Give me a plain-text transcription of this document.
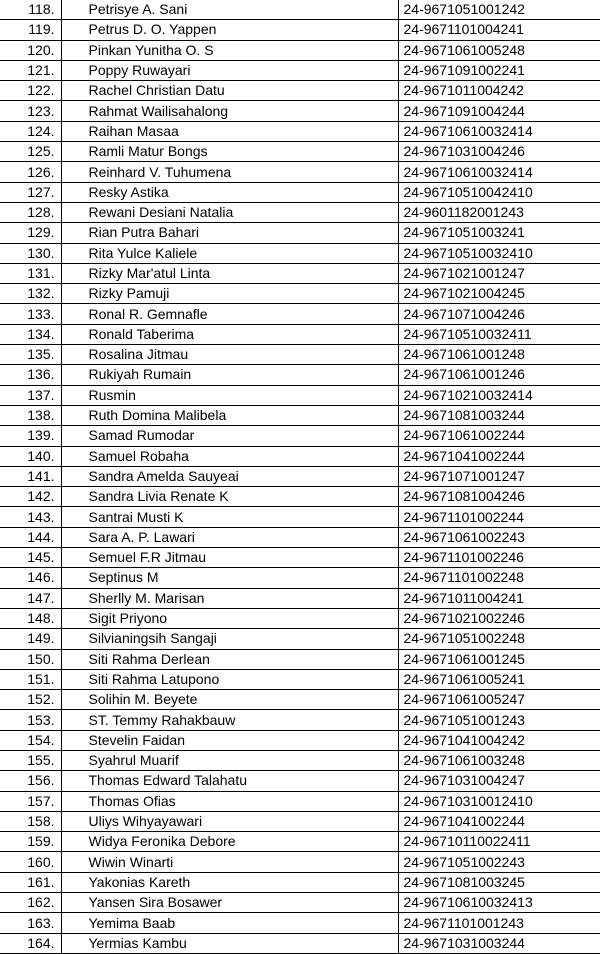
118.	Petrisye A. Sani	24-9671051001242
119.	Petrus D. O. Yappen	24-9671101004241
120.	Pinkan Yunitha O. S	24-9671061005248
121.	Poppy Ruwayari	24-9671091002241
122.	Rachel Christian Datu	24-9671011004242
123.	Rahmat Wailisahalong	24-9671091004244
124.	Raihan Masaa	24-96710610032414
125.	Ramli Matur Bongs	24-9671031004246
126.	Reinhard V. Tuhumena	24-96710610032414
127.	Resky Astika	24-96710510042410
128.	Rewani Desiani Natalia	24-9601182001243
129.	Rian Putra Bahari	24-9671051003241
130.	Rita Yulce Kaliele	24-96710510032410
131.	Rizky Mar'atul Linta	24-9671021001247
132.	Rizky Pamuji	24-9671021004245
133.	Ronal R. Gemnafle	24-9671071004246
134.	Ronald Taberima	24-96710510032411
135.	Rosalina Jitmau	24-9671061001248
136.	Rukiyah Rumain	24-9671061001246
137.	Rusmin	24-96710210032414
138.	Ruth Domina Malibela	24-9671081003244
139.	Samad Rumodar	24-9671061002244
140.	Samuel Robaha	24-9671041002244
141.	Sandra Amelda Sauyeai	24-9671071001247
142.	Sandra Livia Renate K	24-9671081004246
143.	Santrai Musti K	24-9671101002244
144.	Sara A. P. Lawari	24-9671061002243
145.	Semuel F.R Jitmau	24-9671101002246
146.	Septinus M	24-9671101002248
147.	Sherlly M. Marisan	24-9671011004241
148.	Sigit Priyono	24-9671021002246
149.	Silvianingsih Sangaji	24-9671051002248
150.	Siti Rahma Derlean	24-9671061001245
151.	Siti Rahma Latupono	24-9671061005241
152.	Solihin M. Beyete	24-9671061005247
153.	ST. Temmy Rahakbauw	24-9671051001243
154.	Stevelin Faidan	24-9671041004242
155.	Syahrul Muarif	24-9671061003248
156.	Thomas Edward Talahatu	24-9671031004247
157.	Thomas Ofias	24-96710310012410
158.	Uliys Wihyayawari	24-9671041002244
159.	Widya Feronika Debore	24-96710110022411
160.	Wiwin Winarti	24-9671051002243
161.	Yakonias Kareth	24-9671081003245
162.	Yansen Sira Bosawer	24-96710610032413
163.	Yemima Baab	24-9671101001243
164.	Yermias Kambu	24-9671031003244
